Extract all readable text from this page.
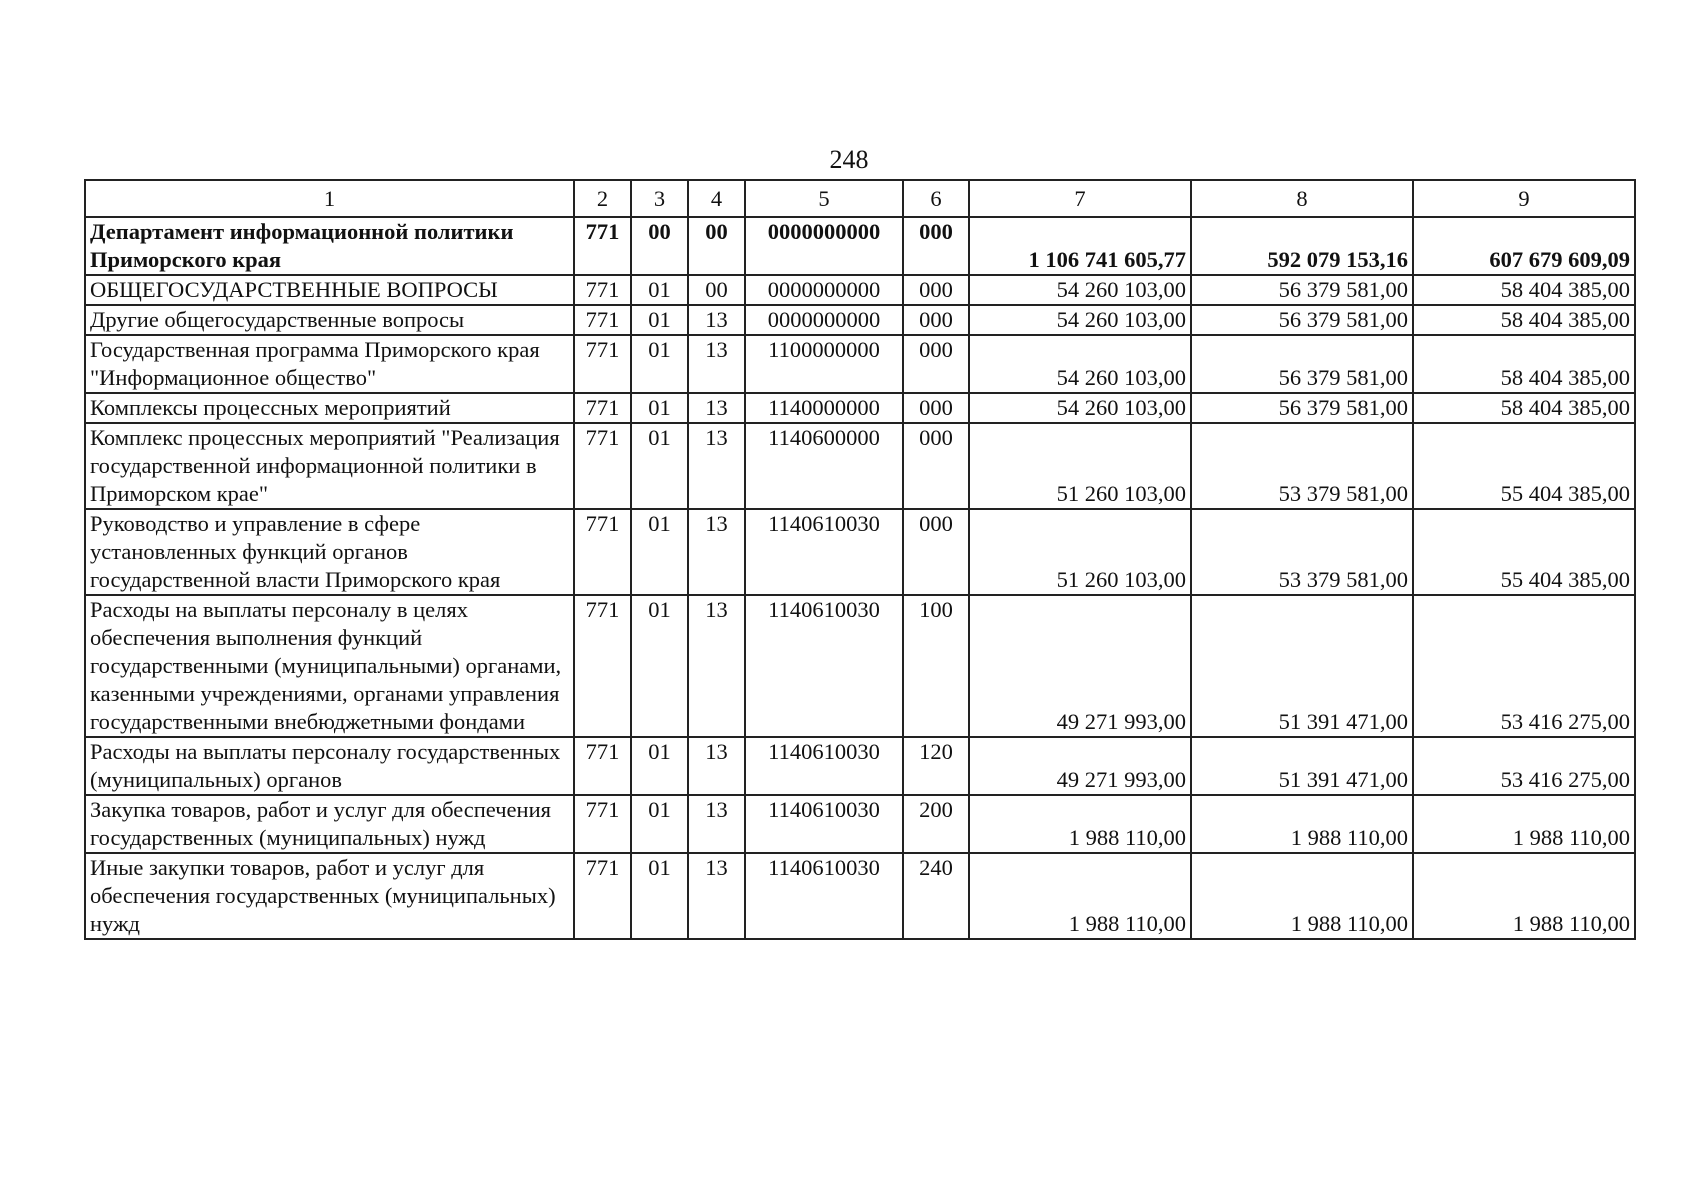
248
1	2	3	4	5	6	7	8	9
Департамент информационной политики Приморского края	771	00	00	0000000000	000	1 106 741 605,77	592 079 153,16	607 679 609,09
ОБЩЕГОСУДАРСТВЕННЫЕ ВОПРОСЫ	771	01	00	0000000000	000	54 260 103,00	56 379 581,00	58 404 385,00
Другие общегосударственные вопросы	771	01	13	0000000000	000	54 260 103,00	56 379 581,00	58 404 385,00
Государственная программа Приморского края "Информационное общество"	771	01	13	1100000000	000	54 260 103,00	56 379 581,00	58 404 385,00
Комплексы процессных мероприятий	771	01	13	1140000000	000	54 260 103,00	56 379 581,00	58 404 385,00
Комплекс процессных мероприятий "Реализация государственной информационной политики в Приморском крае"	771	01	13	1140600000	000	51 260 103,00	53 379 581,00	55 404 385,00
Руководство и управление в сфере установленных функций органов государственной власти Приморского края	771	01	13	1140610030	000	51 260 103,00	53 379 581,00	55 404 385,00
Расходы на выплаты персоналу в целях обеспечения выполнения функций государственными (муниципальными) органами, казенными учреждениями, органами управления государственными внебюджетными фондами	771	01	13	1140610030	100	49 271 993,00	51 391 471,00	53 416 275,00
Расходы на выплаты персоналу государственных (муниципальных) органов	771	01	13	1140610030	120	49 271 993,00	51 391 471,00	53 416 275,00
Закупка товаров, работ и услуг для обеспечения государственных (муниципальных) нужд	771	01	13	1140610030	200	1 988 110,00	1 988 110,00	1 988 110,00
Иные закупки товаров, работ и услуг для обеспечения государственных (муниципальных) нужд	771	01	13	1140610030	240	1 988 110,00	1 988 110,00	1 988 110,00
